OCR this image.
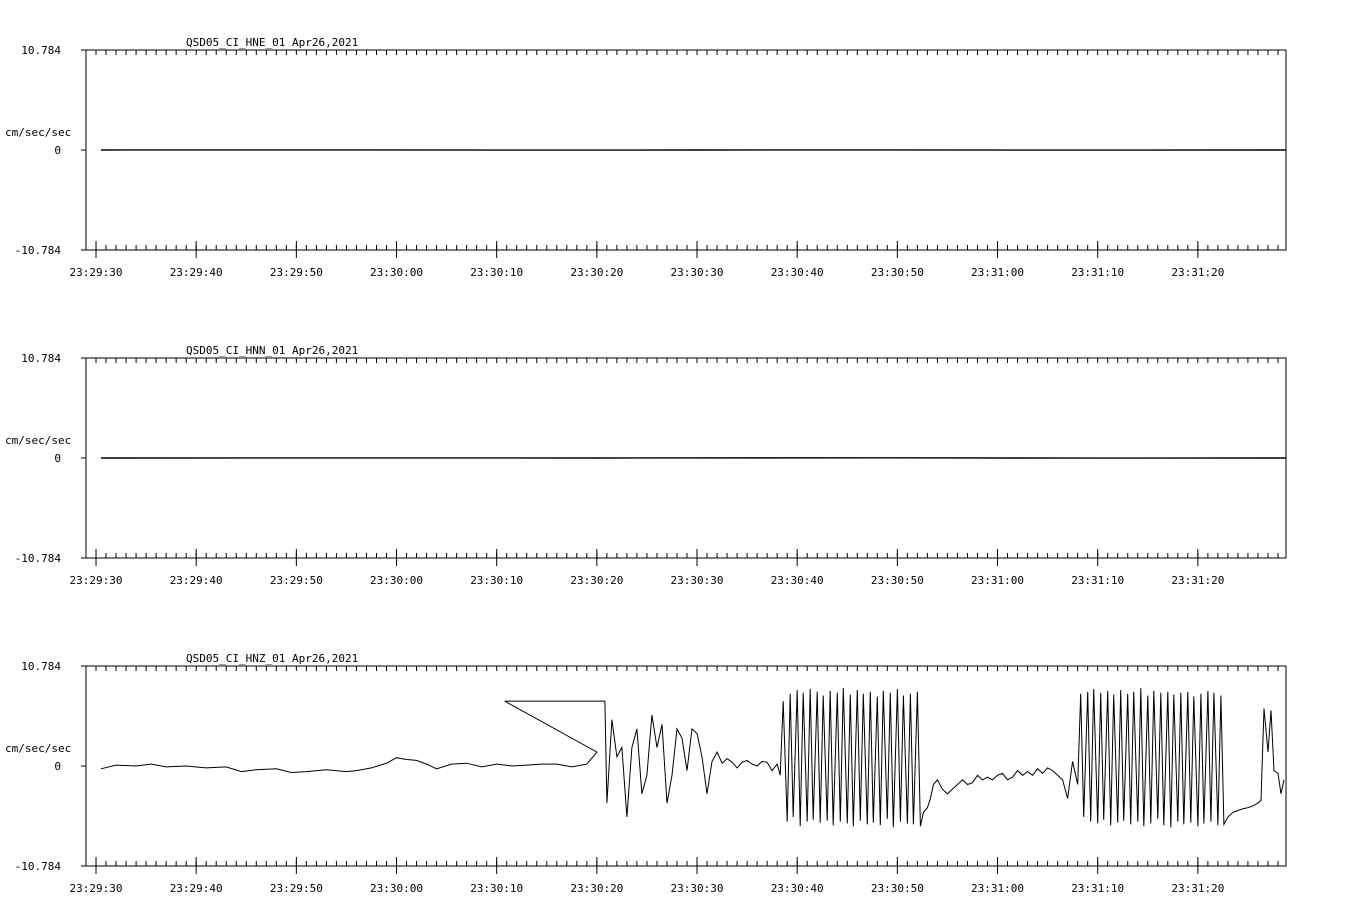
QSD05_CI_HNE_01 Apr26,2021
10.784
0
-10.784
cm/sec/sec
23:29:30	23:29:40	23:29:50	23:30:00	23:30:10	23:30:20	23:30:30	23:30:40	23:30:50	23:31:00	23:31:10	23:31:20
QSD05_CI_HNN_01 Apr26,2021
10.784
0
-10.784
cm/sec/sec
23:29:30	23:29:40	23:29:50	23:30:00	23:30:10	23:30:20	23:30:30	23:30:40	23:30:50	23:31:00	23:31:10	23:31:20
QSD05_CI_HNZ_01 Apr26,2021
10.784
0
-10.784
cm/sec/sec
23:29:30	23:29:40	23:29:50	23:30:00	23:30:10	23:30:20	23:30:30	23:30:40	23:30:50	23:31:00	23:31:10	23:31:20
